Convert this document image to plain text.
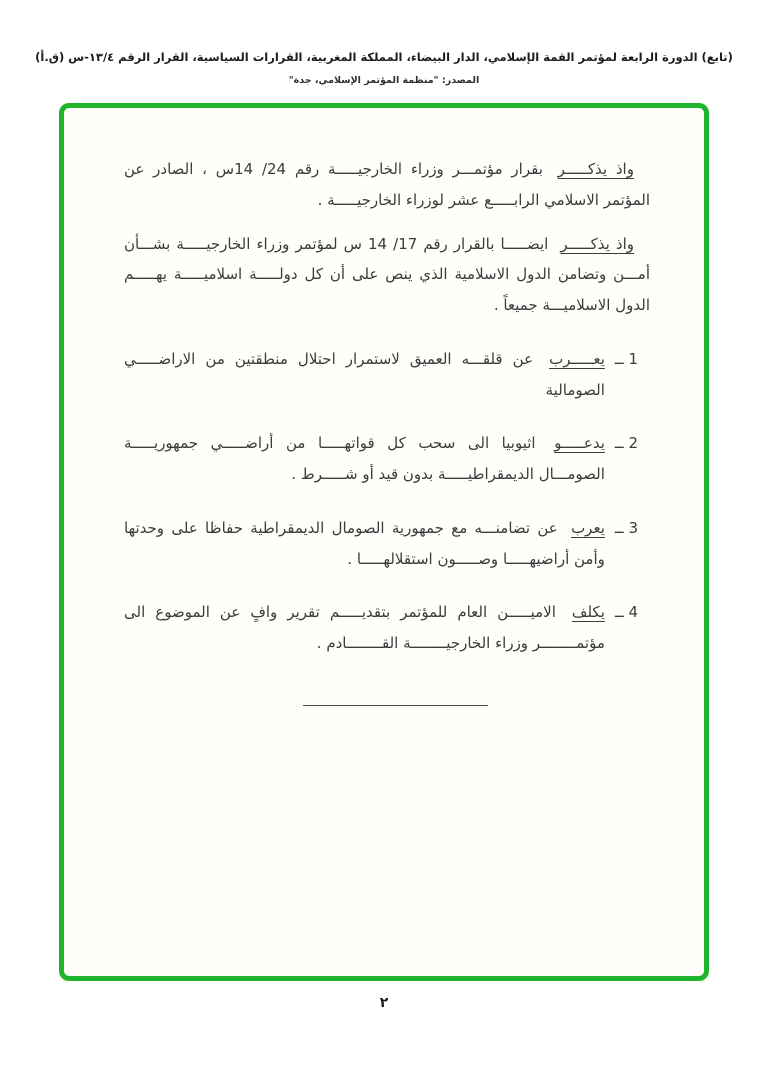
(تابع) الدورة الرابعة لمؤتمر القمة الإسلامي، الدار البيضاء، المملكة المغربية، القرارات السياسية، القرار الرقم ١٣/٤-س (ق.أ)
المصدر: "منظمة المؤتمر الإسلامي، جدة"

واذ يذكـــــر بقرار مؤتمـــر وزراء الخارجيـــــة رقم 24/ 14س ، الصادر عن المؤتمر الاسلامي الرابـــــع عشر لوزراء الخارجيـــــة .

واذ يذكـــــر ايضـــــا بالقرار رقم 17/ 14 س لمؤتمر وزراء الخارجيـــــة بشـــأن أمـــن وتضامن الدول الاسلامية الذي ينص على أن كل دولـــــة اسلاميـــــة يهـــــم الدول الاسلاميـــة جميعاً .

1 ــ
يعـــــرب عن قلقـــه العميق لاستمرار احتلال منطقتين من الاراضـــــي الصومالية
2 ــ
يدعـــــو اثيوبيا الى سحب كل قواتهـــــا من أراضـــــي جمهوريـــــة الصومـــال الديمقراطيـــــة بدون قيد أو شـــــرط .
3 ــ
يعرب عن تضامنـــه مع جمهورية الصومال الديمقراطية حفاظا على وحدتها وأمن أراضيهـــــا وصـــــون استقلالهـــــا .
4 ــ
يكلف الاميـــــن العام للمؤتمر بتقديـــــم تقرير وافٍ عن الموضوع الى مؤتمــــــــر وزراء الخارجيــــــــة القــــــــادم .
٢
